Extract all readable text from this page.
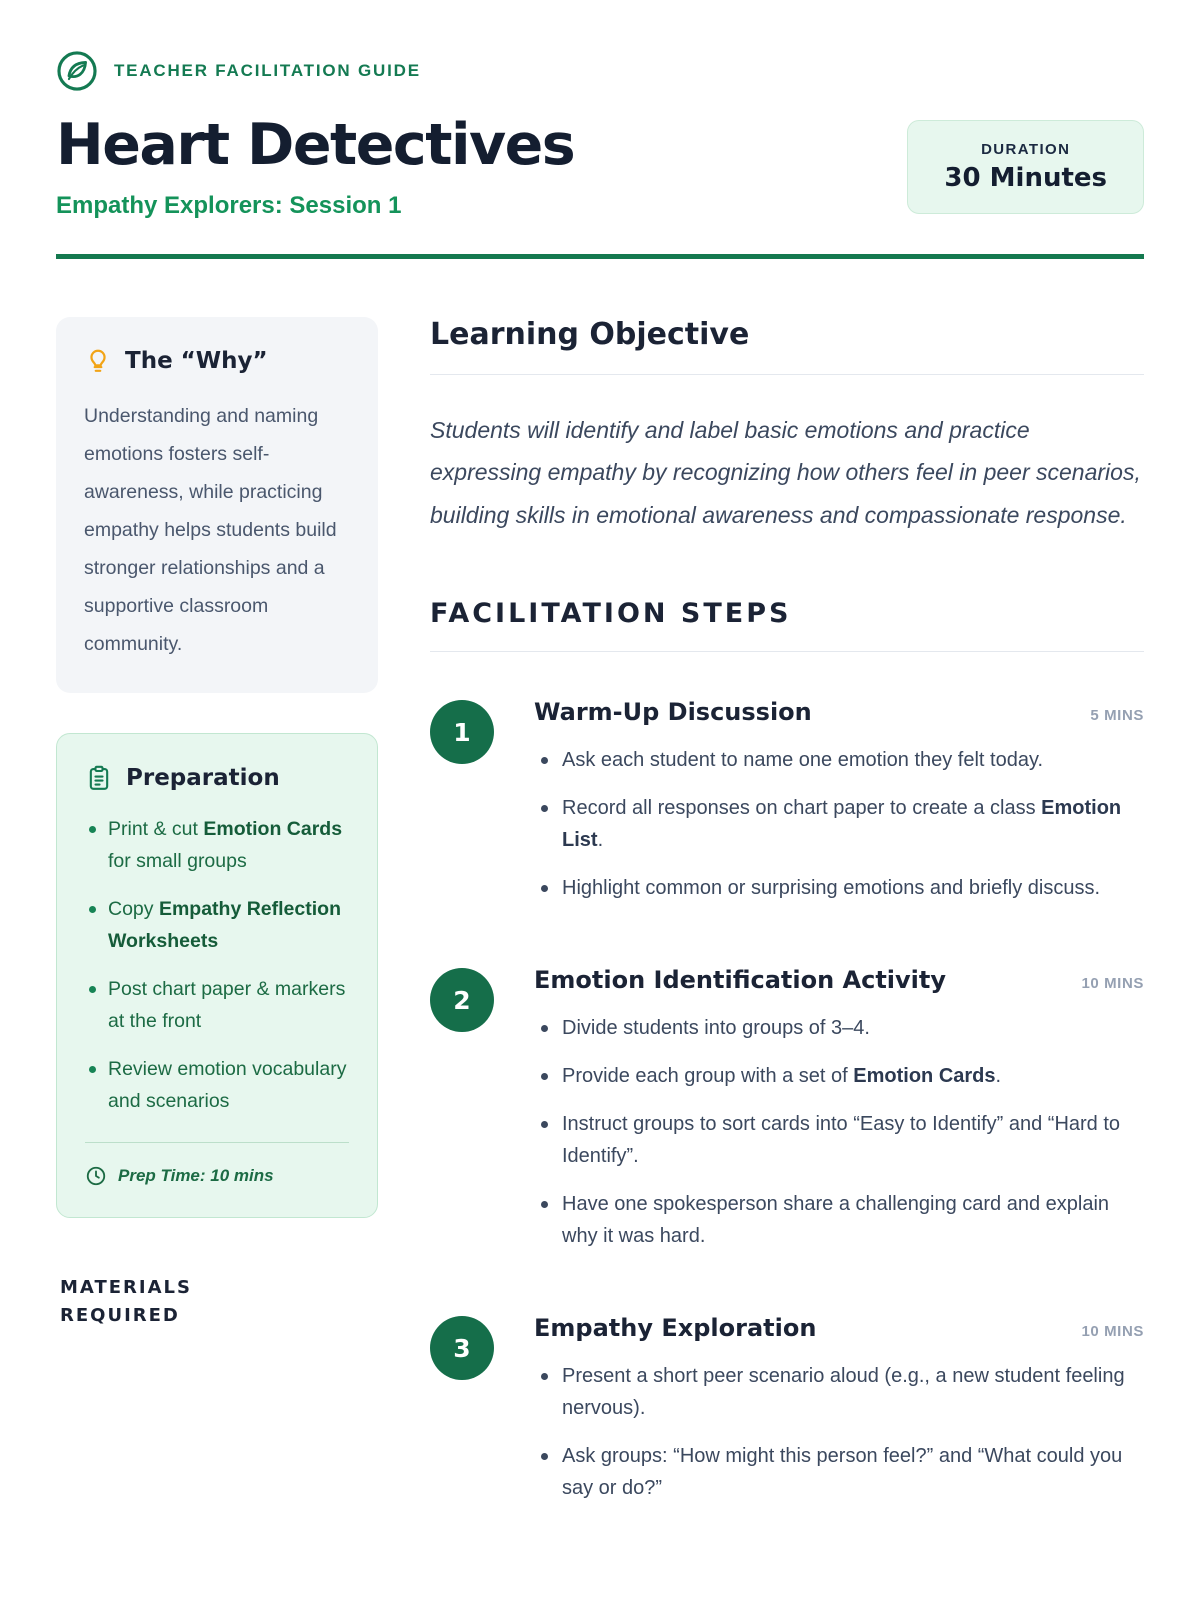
TEACHER FACILITATION GUIDE
Heart Detectives
Empathy Explorers: Session 1
DURATION
30 Minutes
The “Why”

Understanding and naming emotions fosters self-awareness, while practicing empathy helps students build stronger relationships and a supportive classroom community.

Preparation
Print & cut Emotion Cards for small groups
Copy Empathy Reflection Worksheets
Post chart paper & markers at the front
Review emotion vocabulary and scenarios
Prep Time: 10 mins
MATERIALS REQUIRED
Learning Objective

Students will identify and label basic emotions and practice expressing empathy by recognizing how others feel in peer scenarios, building skills in emotional awareness and compassionate response.

FACILITATION STEPS
1
Warm-Up Discussion	5 MINS
Ask each student to name one emotion they felt today.
Record all responses on chart paper to create a class Emotion List.
Highlight common or surprising emotions and briefly discuss.
2
Emotion Identification Activity	10 MINS
Divide students into groups of 3–4.
Provide each group with a set of Emotion Cards.
Instruct groups to sort cards into “Easy to Identify” and “Hard to Identify”.
Have one spokesperson share a challenging card and explain why it was hard.
3
Empathy Exploration	10 MINS
Present a short peer scenario aloud (e.g., a new student feeling nervous).
Ask groups: “How might this person feel?” and “What could you say or do?”
